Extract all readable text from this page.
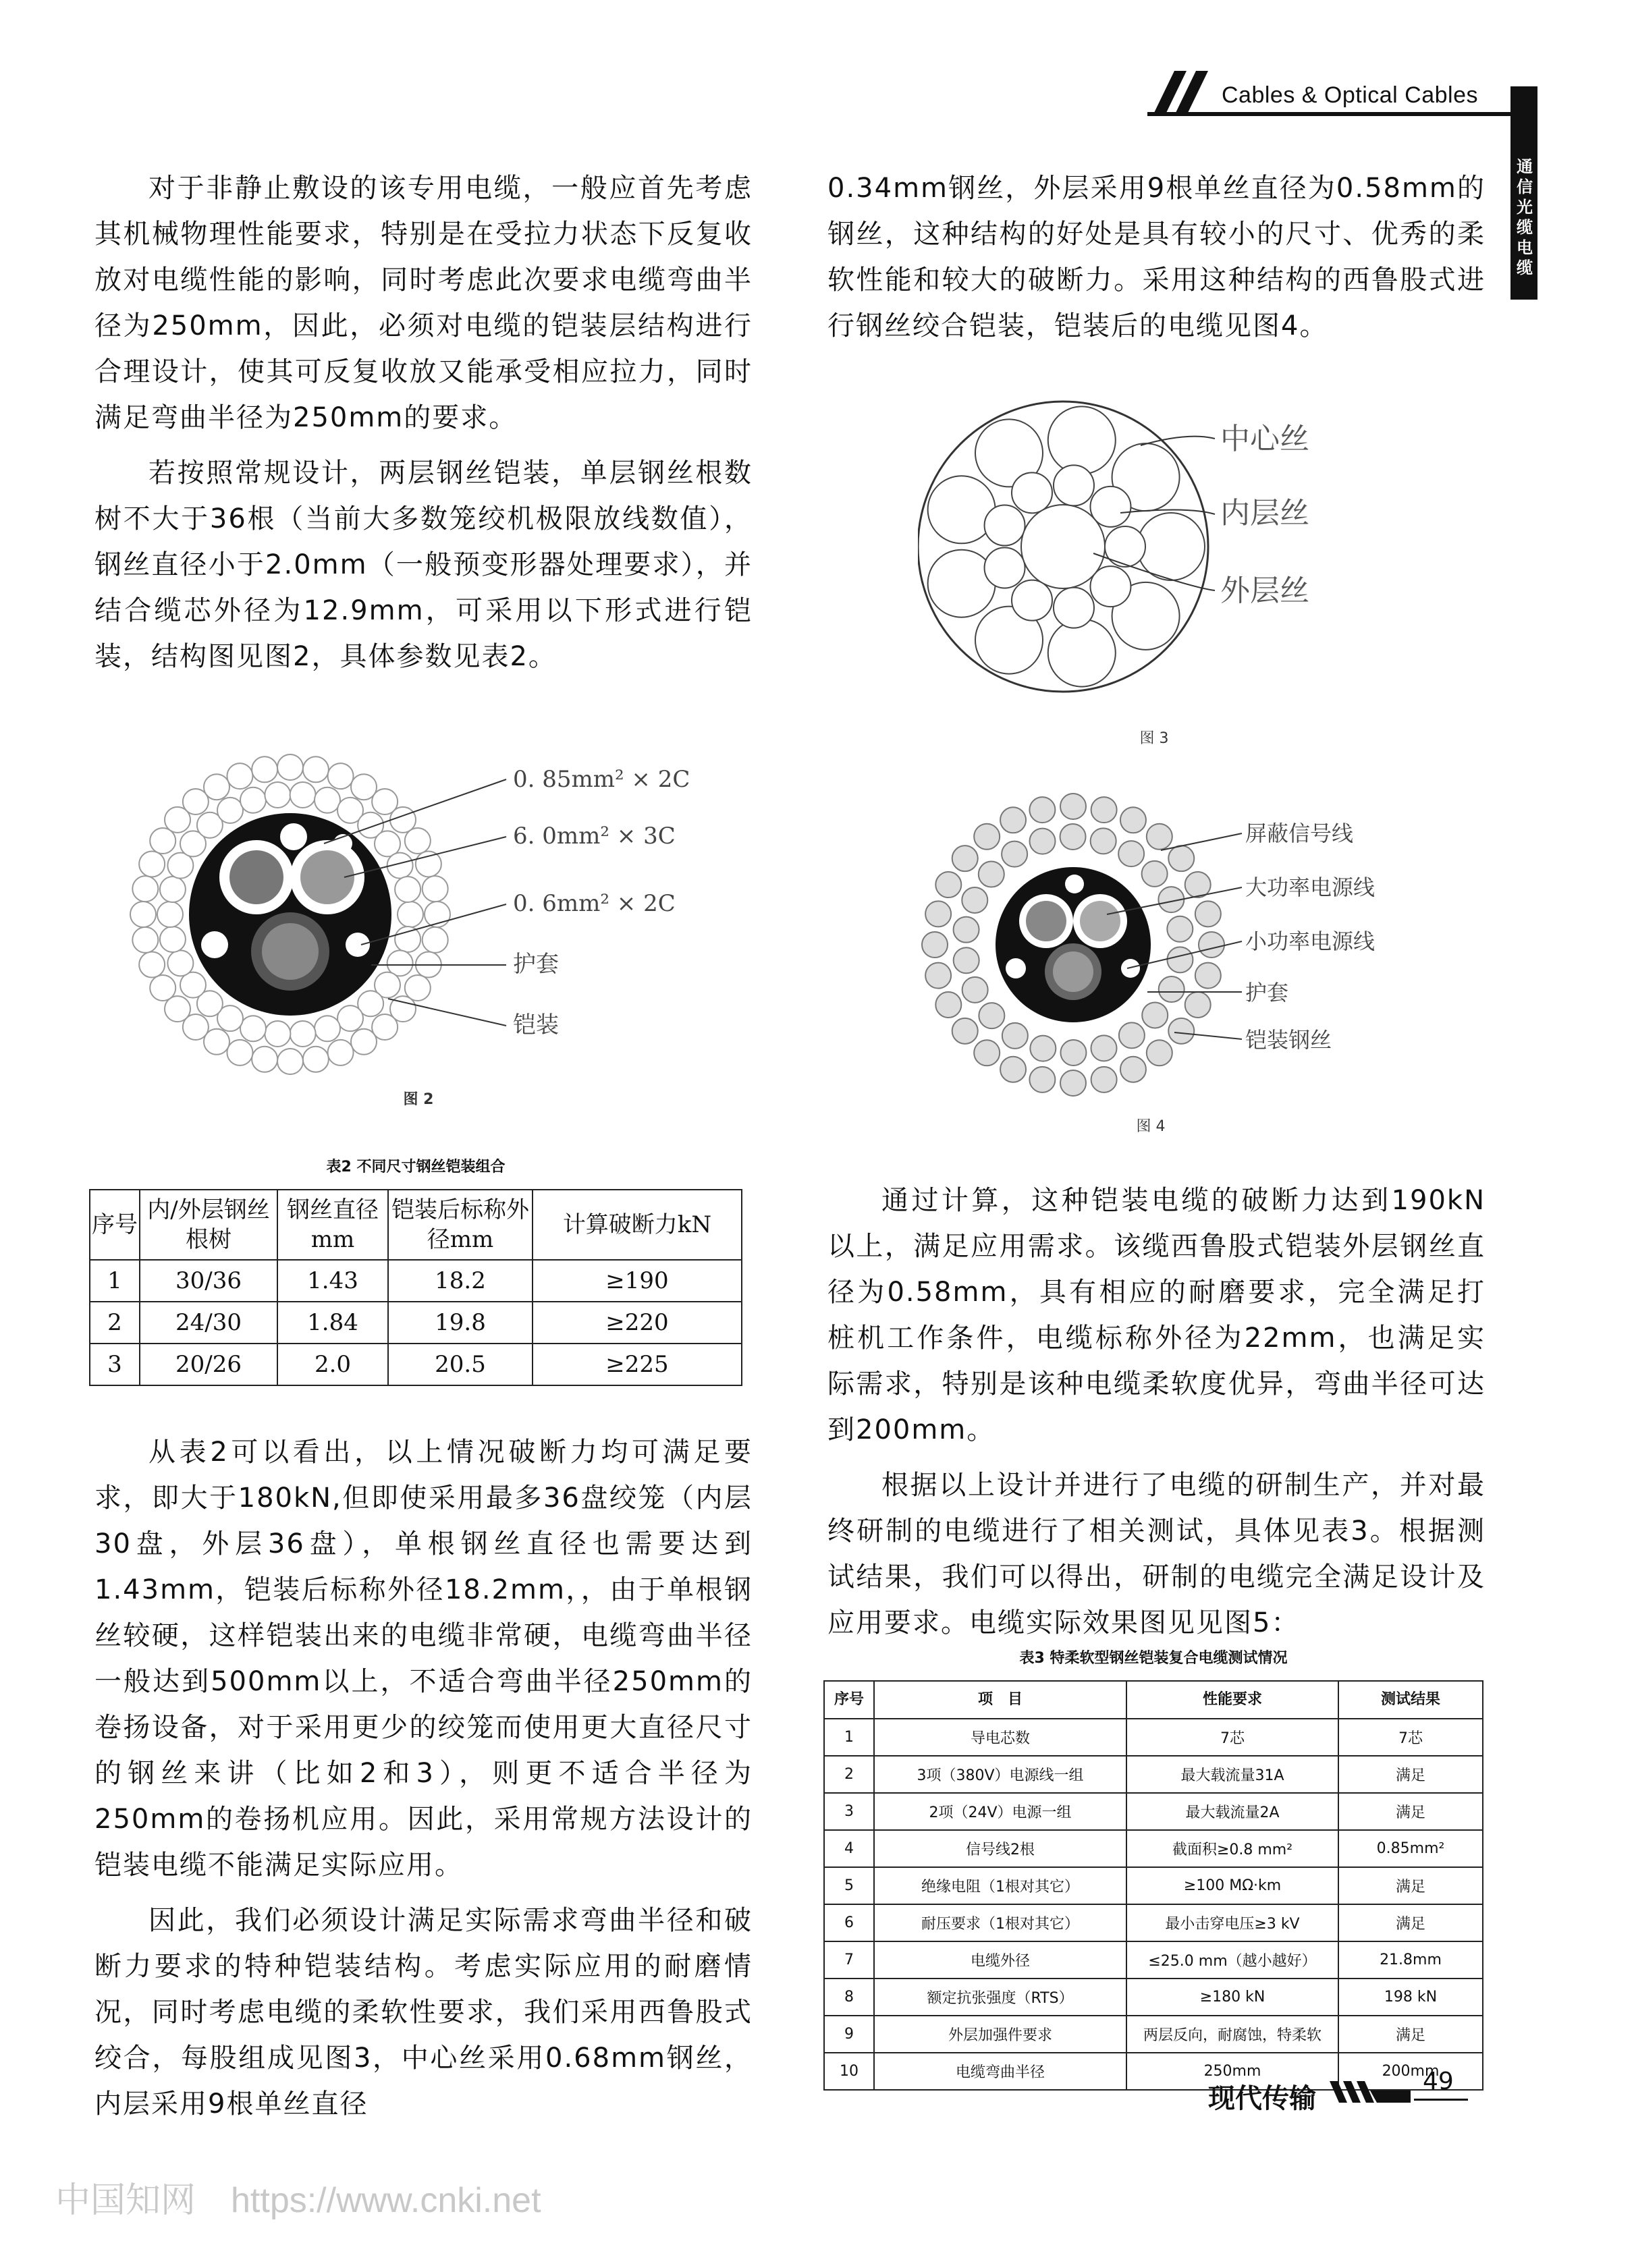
Cables & Optical Cables
通信光缆电缆

对于非静止敷设的该专用电缆，一般应首先考虑其机械物理性能要求，特别是在受拉力状态下反复收放对电缆性能的影响，同时考虑此次要求电缆弯曲半径为250mm，因此，必须对电缆的铠装层结构进行合理设计，使其可反复收放又能承受相应拉力，同时满足弯曲半径为250mm的要求。

若按照常规设计，两层钢丝铠装，单层钢丝根数树不大于36根（当前大多数笼绞机极限放线数值），钢丝直径小于2.0mm（一般预变形器处理要求），并结合缆芯外径为12.9mm，可采用以下形式进行铠装，结构图见图2，具体参数见表2。

0. 85mm² × 2C
6. 0mm² × 3C
0. 6mm² × 2C
护套
铠装
图 2
表2 不同尺寸钢丝铠装组合
序号	内/外层钢丝根树	钢丝直径mm	铠装后标称外径mm	计算破断力kN
1	30/36	1.43	18.2	≥190
2	24/30	1.84	19.8	≥220
3	20/26	2.0	20.5	≥225

从表2可以看出，以上情况破断力均可满足要求，即大于180kN,但即使采用最多36盘绞笼（内层30盘，外层36盘），单根钢丝直径也需要达到1.43mm，铠装后标称外径18.2mm，，由于单根钢丝较硬，这样铠装出来的电缆非常硬，电缆弯曲半径一般达到500mm以上，不适合弯曲半径250mm的卷扬设备，对于采用更少的绞笼而使用更大直径尺寸的钢丝来讲（比如2和3），则更不适合半径为250mm的卷扬机应用。因此，采用常规方法设计的铠装电缆不能满足实际应用。

因此，我们必须设计满足实际需求弯曲半径和破断力要求的特种铠装结构。考虑实际应用的耐磨情况，同时考虑电缆的柔软性要求，我们采用西鲁股式绞合，每股组成见图3，中心丝采用0.68mm钢丝，内层采用9根单丝直径

0.34mm钢丝，外层采用9根单丝直径为0.58mm的钢丝，这种结构的好处是具有较小的尺寸、优秀的柔软性能和较大的破断力。采用这种结构的西鲁股式进行钢丝绞合铠装，铠装后的电缆见图4。

中心丝
内层丝
外层丝
图 3
屏蔽信号线
大功率电源线
小功率电源线
护套
铠装钢丝
图 4

通过计算，这种铠装电缆的破断力达到190kN以上，满足应用需求。该缆西鲁股式铠装外层钢丝直径为0.58mm，具有相应的耐磨要求，完全满足打桩机工作条件，电缆标称外径为22mm，也满足实际需求，特别是该种电缆柔软度优异，弯曲半径可达到200mm。

根据以上设计并进行了电缆的研制生产，并对最终研制的电缆进行了相关测试，具体见表3。根据测试结果，我们可以得出，研制的电缆完全满足设计及应用要求。电缆实际效果图见见图5：

表3 特柔软型钢丝铠装复合电缆测试情况
序号	项　目	性能要求	测试结果
1	导电芯数	7芯	7芯
2	3项（380V）电源线一组	最大载流量31A	满足
3	2项（24V）电源一组	最大载流量2A	满足
4	信号线2根	截面积≥0.8 mm²	0.85mm²
5	绝缘电阻（1根对其它）	≥100 MΩ·km	满足
6	耐压要求（1根对其它）	最小击穿电压≥3 kV	满足
7	电缆外径	≤25.0 mm（越小越好）	21.8mm
8	额定抗张强度（RTS）	≥180 kN	198 kN
9	外层加强件要求	两层反向，耐腐蚀，特柔软	满足
10	电缆弯曲半径	250mm	200mm
现代传输
49
中国知网　https://www.cnki.net
